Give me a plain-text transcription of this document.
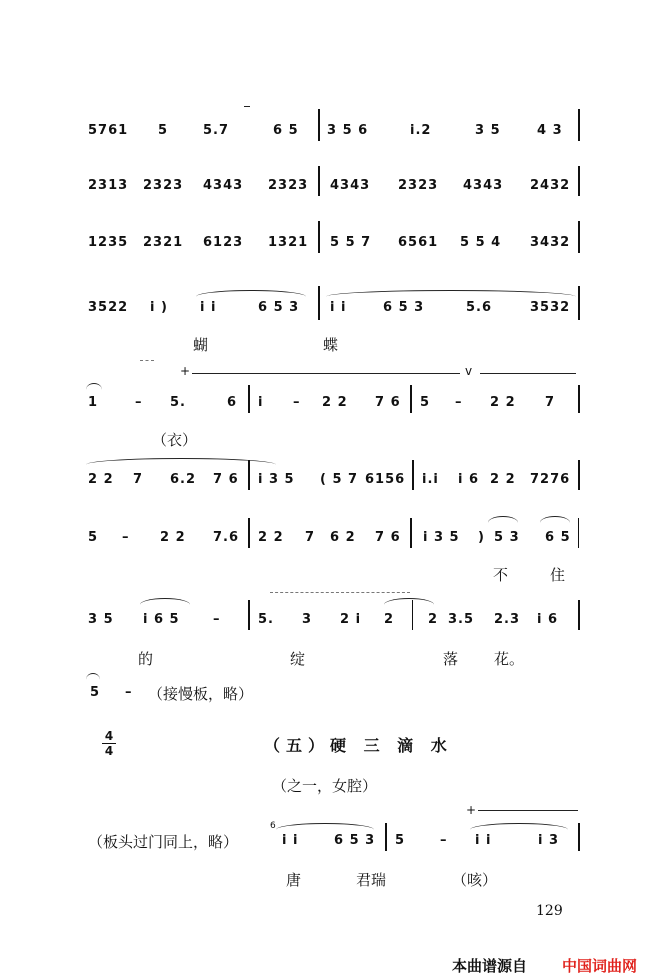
5761 5	5.7	6 5 3 5 6	i.2	3 5	4 3
2313 2323 4343 2323 4343 2323 4343 2432
1235 2321 6123 1321 5 5 7 6561 5 5 4 3432
3522 i ) i i	6 5 3 i i	6 5 3	5.6	3532
蝴	蝶
+	v
1	– 5.	6 i – 2 2 7 6 5 – 2 2 7
（衣）
2 2 7 6.2 7 6 i 3 5 ( 5 7 6156 i.i i 6 2 2 7276
5 – 2 2 7.6 2 2 7 6 2 7 6 i 3 5 ) 5 3 6 5
不	住
3 5 i 6 5	–	5. 3 2 i 2	2 3.5 2.3 i 6
的	绽	落 花。
5 – （接慢板，略）
4
4	（五）硬 三 滴 水
（之一，女腔）
+
（板头过门同上，略）
6
i i	6 5 3 5	– i i	i 3
唐	君瑞	（咳）
129
本曲谱源自 中国词曲网
